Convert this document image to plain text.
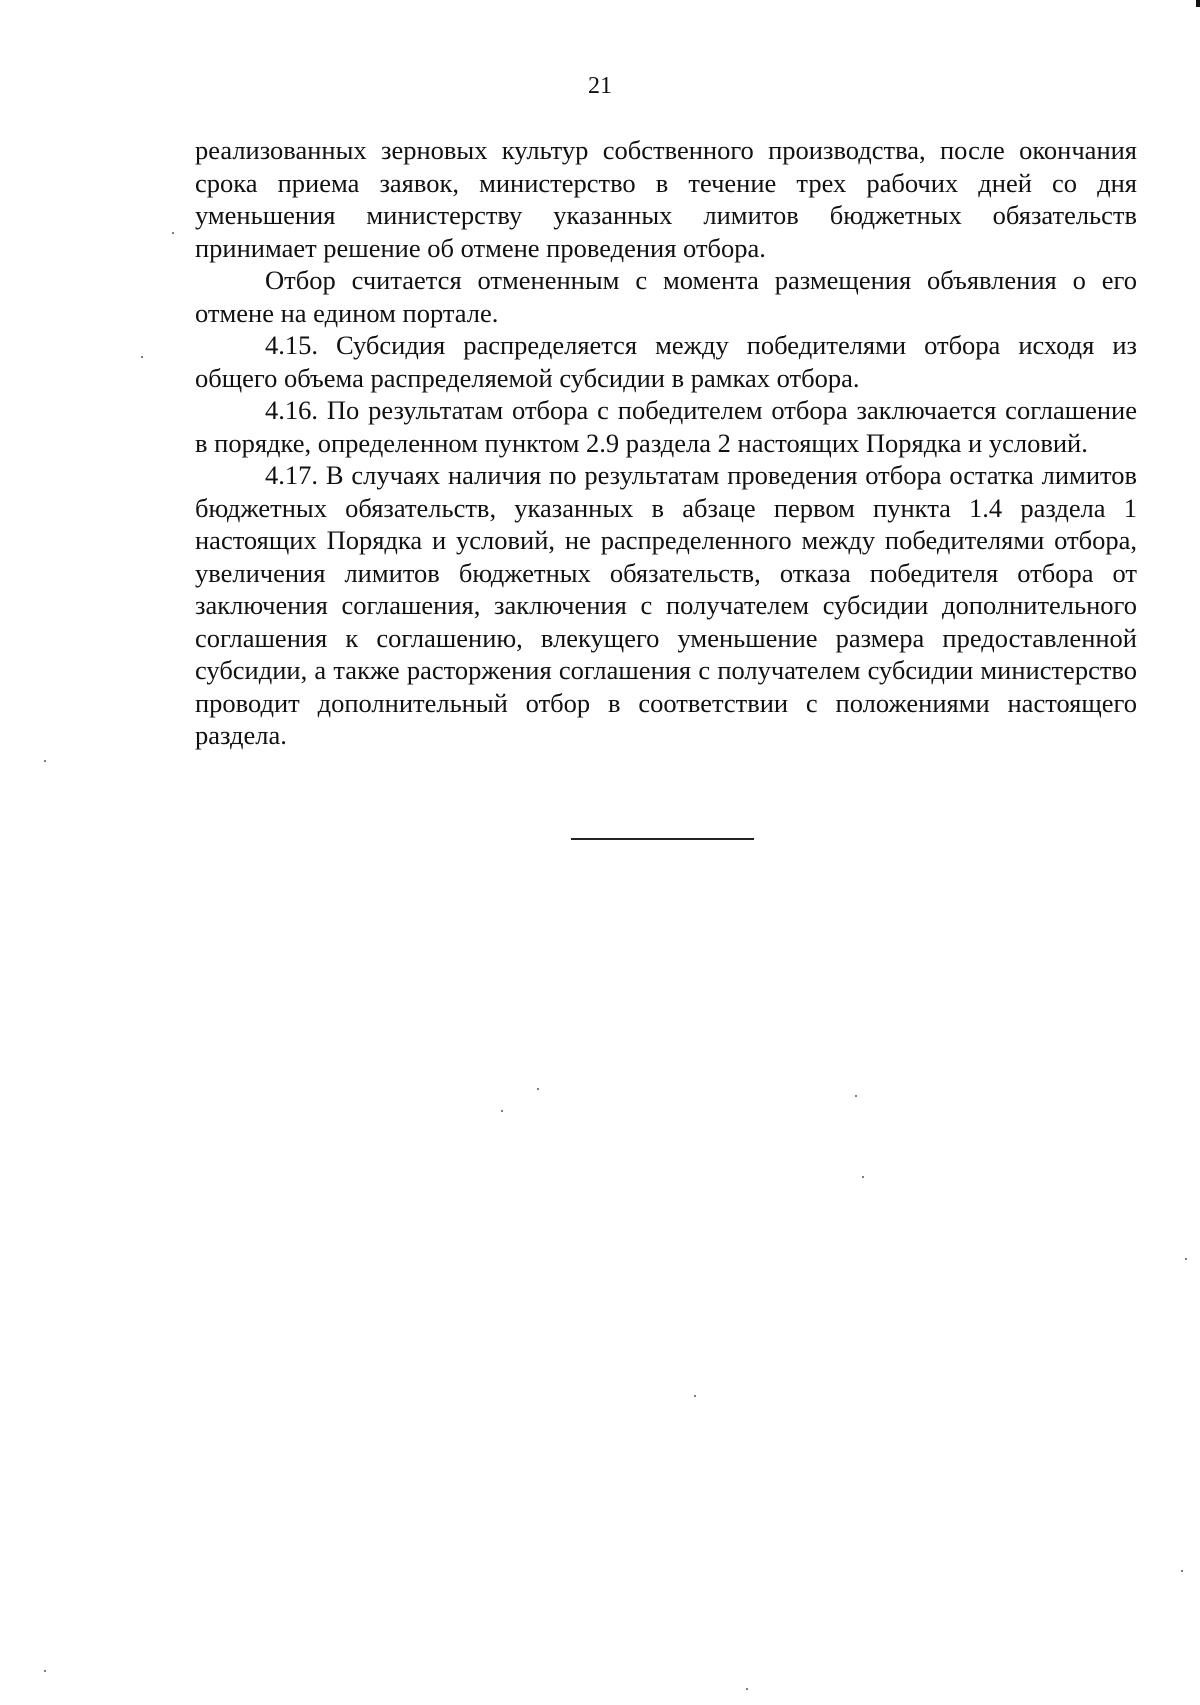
21

реализованных зерновых культур собственного производства, после окончания срока приема заявок, министерство в течение трех рабочих дней со дня уменьшения министерству указанных лимитов бюджетных обязательств принимает решение об отмене проведения отбора.

Отбор считается отмененным с момента размещения объявления о его отмене на едином портале.

4.15. Субсидия распределяется между победителями отбора исходя из общего объема распределяемой субсидии в рамках отбора.

4.16. По результатам отбора с победителем отбора заключается соглашение в порядке, определенном пунктом 2.9 раздела 2 настоящих Порядка и условий.

4.17. В случаях наличия по результатам проведения отбора остатка лимитов бюджетных обязательств, указанных в абзаце первом пункта 1.4 раздела 1 настоящих Порядка и условий, не распределенного между победителями отбора, увеличения лимитов бюджетных обязательств, отказа победителя отбора от заключения соглашения, заключения с получателем субсидии дополнительного соглашения к соглашению, влекущего уменьшение размера предоставленной субсидии, а также расторжения соглашения с получателем субсидии министерство проводит дополнительный отбор в соответствии с положениями настоящего раздела.
